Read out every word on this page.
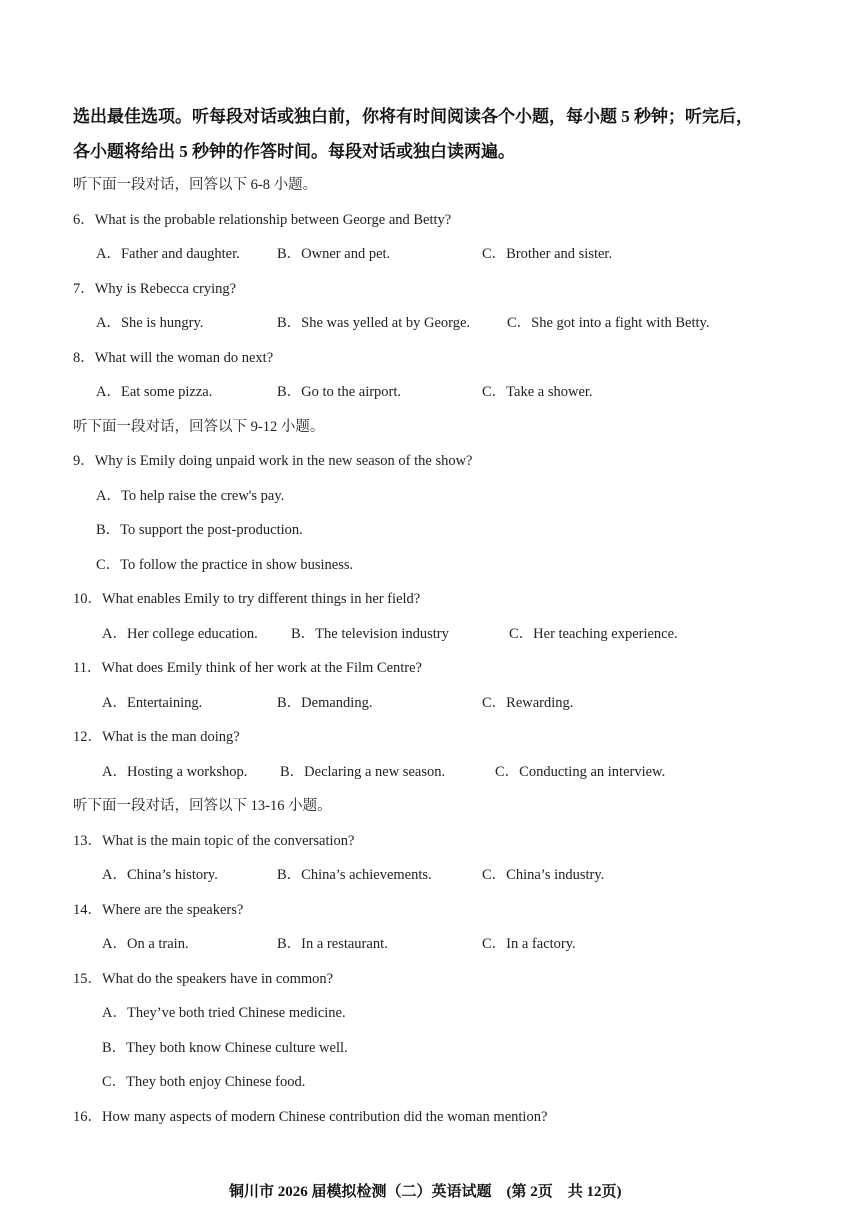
选出最佳选项。听每段对话或独白前，你将有时间阅读各个小题，每小题 5 秒钟；听完后，
各小题将给出 5 秒钟的作答时间。每段对话或独白读两遍。
听下面一段对话，回答以下 6-8 小题。
6．What is the probable relationship between George and Betty?
A．Father and daughter.	B．Owner and pet.	C．Brother and sister.
7．Why is Rebecca crying?
A．She is hungry.	B．She was yelled at by George.	C．She got into a fight with Betty.
8．What will the woman do next?
A．Eat some pizza.	B．Go to the airport.	C．Take a shower.
听下面一段对话，回答以下 9-12 小题。
9．Why is Emily doing unpaid work in the new season of the show?
A．To help raise the crew's pay.
B．To support the post-production.
C．To follow the practice in show business.
10．What enables Emily to try different things in her field?
A．Her college education. B．The television industry	C．Her teaching experience.
11．What does Emily think of her work at the Film Centre?
A．Entertaining.	B．Demanding.	C．Rewarding.
12．What is the man doing?
A．Hosting a workshop. B．Declaring a new season.	C．Conducting an interview.
听下面一段对话，回答以下 13-16 小题。
13．What is the main topic of the conversation?
A．China’s history.	B．China’s achievements.	C．China’s industry.
14．Where are the speakers?
A．On a train.	B．In a restaurant.	C．In a factory.
15．What do the speakers have in common?
A．They’ve both tried Chinese medicine.
B．They both know Chinese culture well.
C．They both enjoy Chinese food.
16．How many aspects of modern Chinese contribution did the woman mention?
铜川市 2026 届模拟检测（二）英语试题　(第 2页　共 12页)
